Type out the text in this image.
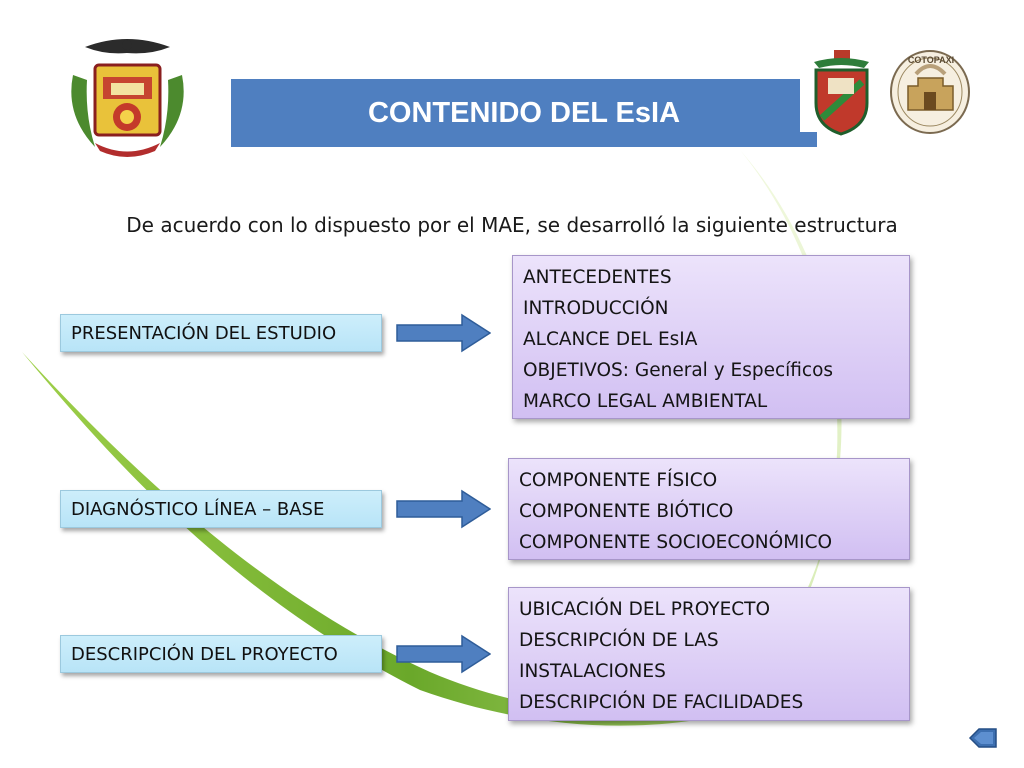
CONTENIDO DEL EsIA
COTOPAXI
De acuerdo con lo dispuesto por el MAE, se desarrolló la siguiente estructura
PRESENTACIÓN DEL ESTUDIO
ANTECEDENTES
INTRODUCCIÓN
ALCANCE DEL EsIA
OBJETIVOS: General y Específicos
MARCO LEGAL AMBIENTAL
DIAGNÓSTICO LÍNEA – BASE
COMPONENTE FÍSICO
COMPONENTE BIÓTICO
COMPONENTE SOCIOECONÓMICO
DESCRIPCIÓN DEL PROYECTO
UBICACIÓN DEL PROYECTO
DESCRIPCIÓN DE LAS
INSTALACIONES
DESCRIPCIÓN DE FACILIDADES
